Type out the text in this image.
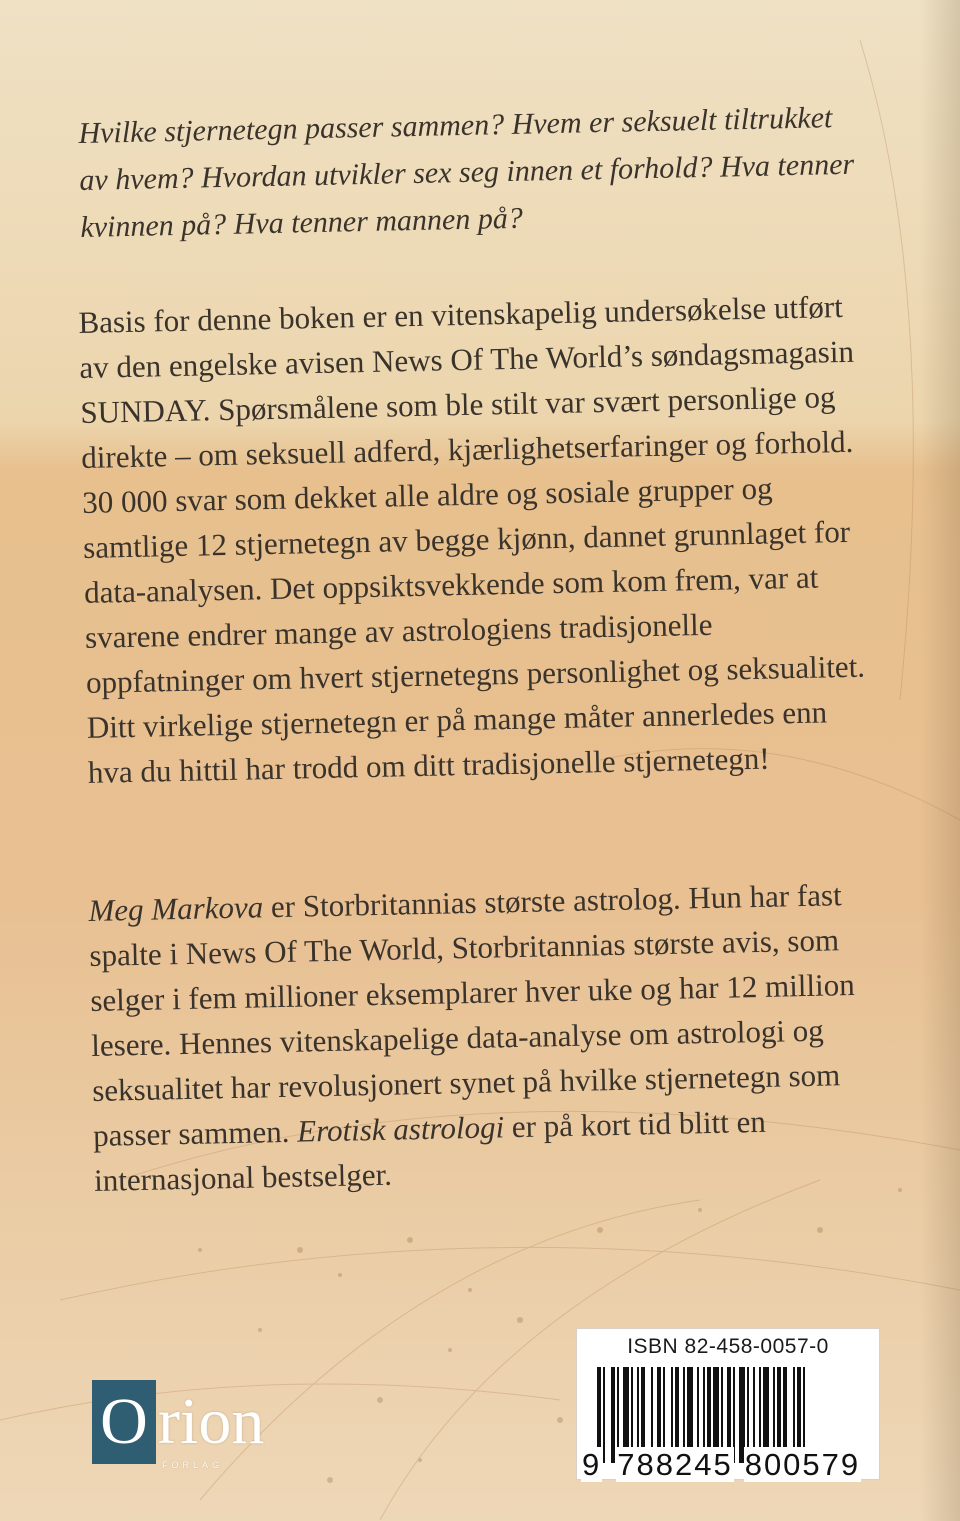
Hvilke stjernetegn passer sammen? Hvem er seksuelt tiltrukket av hvem? Hvordan utvikler sex seg innen et forhold? Hva tenner kvinnen på? Hva tenner mannen på?
Basis for denne boken er en vitenskapelig undersøkelse utført av den engelske avisen News Of The World’s søndagsmagasin SUNDAY. Spørsmålene som ble stilt var svært personlige og direkte – om seksuell adferd, kjærlighetserfaringer og forhold. 30 000 svar som dekket alle aldre og sosiale grupper og samtlige 12 stjernetegn av begge kjønn, dannet grunnlaget for data-analysen. Det oppsiktsvekkende som kom frem, var at svarene endrer mange av astrologiens tradisjonelle oppfatninger om hvert stjernetegns personlighet og seksualitet. Ditt virkelige stjernetegn er på mange måter annerledes enn hva du hittil har trodd om ditt tradisjonelle stjernetegn!
Meg Markova er Storbritannias største astrolog. Hun har fast spalte i News Of The World, Storbritannias største avis, som selger i fem millioner eksemplarer hver uke og har 12 million lesere. Hennes vitenskapelige data-analyse om astrologi og seksualitet har revolusjonert synet på hvilke stjernetegn som passer sammen. Erotisk astrologi er på kort tid blitt en internasjonal bestselger.
ISBN 82-458-0057-0
9 788245 800579
O rion
FORLAG
